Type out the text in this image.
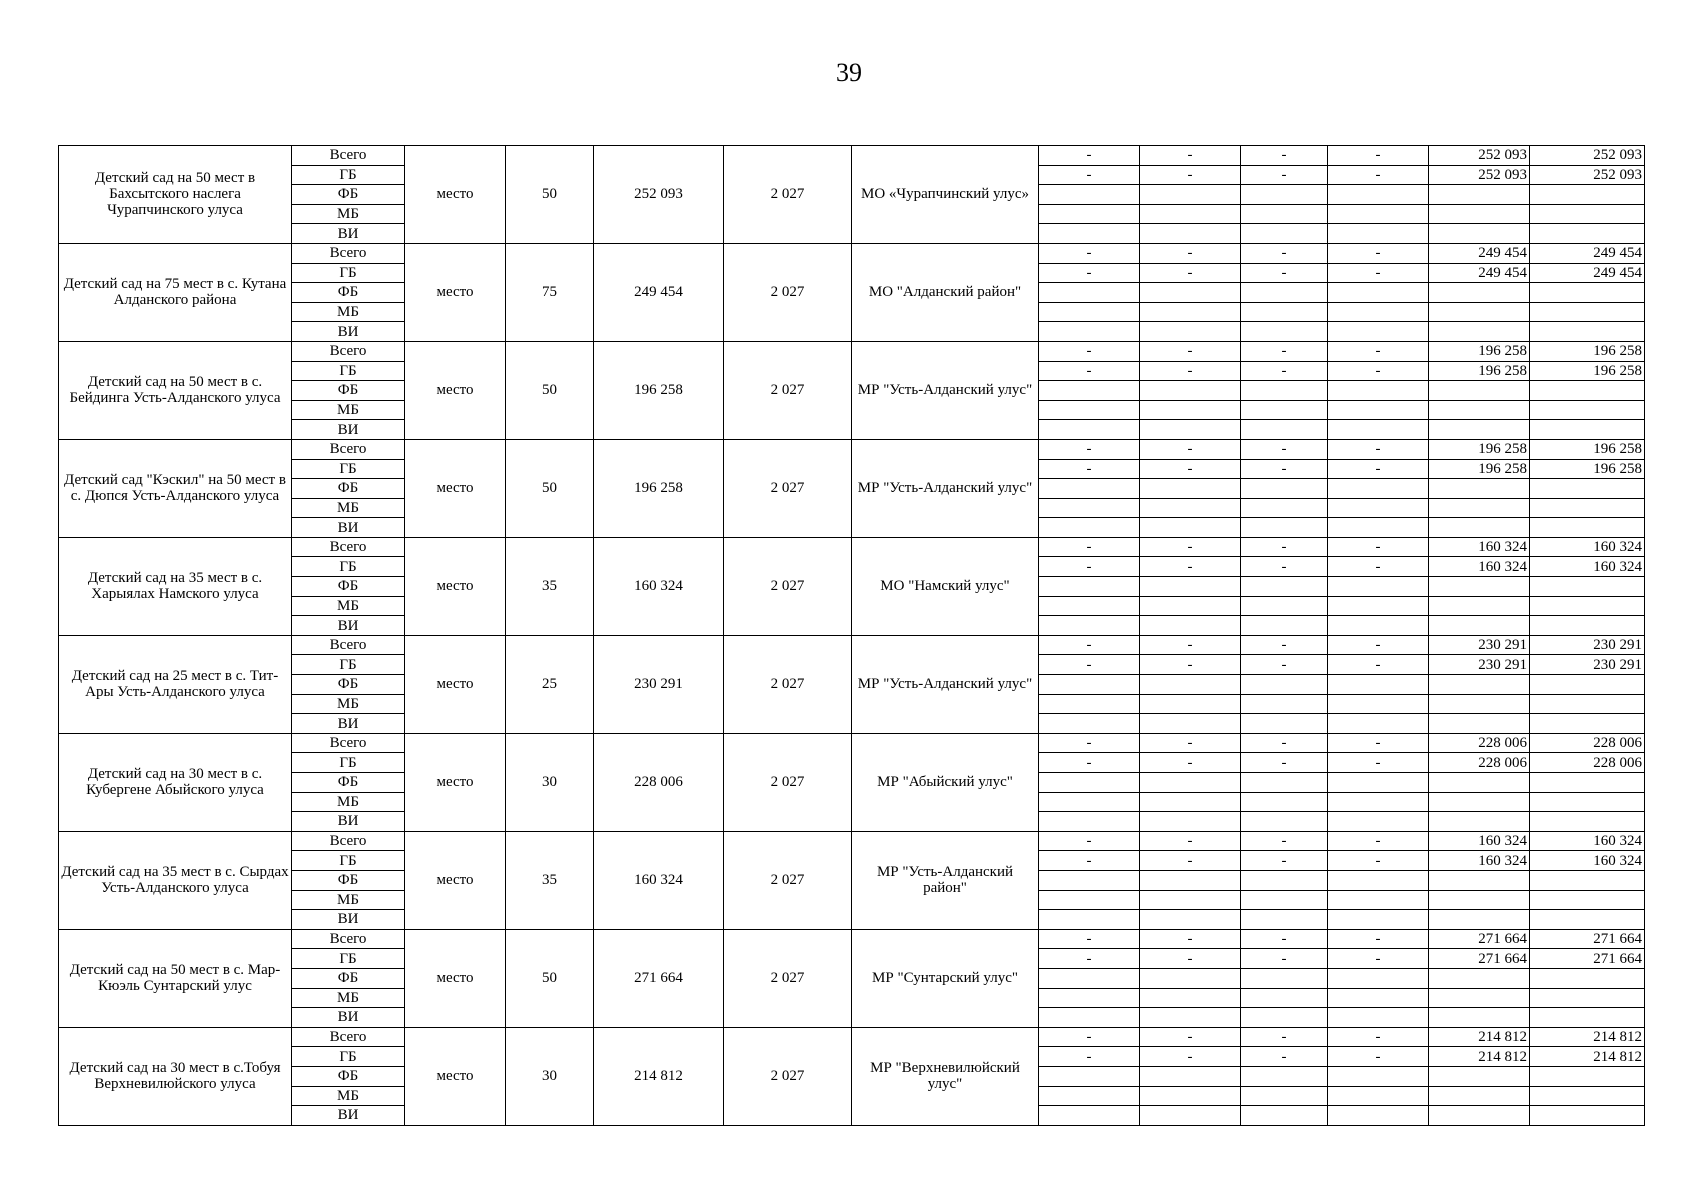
39
Детский сад на 50 мест в Бахсытского наслега Чурапчинского улуса	Всего	место	50	252 093	2 027	МО «Чурапчинский улус»	-	-	-	-	252 093	252 093
	ГБ						-	-	-	-	252 093	252 093
	ФБ											
	МБ											
	ВИ											
Детский сад на 75 мест в с. Кутана Алданского района	Всего	место	75	249 454	2 027	МО "Алданский район"	-	-	-	-	249 454	249 454
	ГБ						-	-	-	-	249 454	249 454
	ФБ											
	МБ											
	ВИ											
Детский сад на 50 мест в с. Бейдинга Усть-Алданского улуса	Всего	место	50	196 258	2 027	МР "Усть-Алданский улус"	-	-	-	-	196 258	196 258
	ГБ						-	-	-	-	196 258	196 258
	ФБ											
	МБ											
	ВИ											
Детский сад "Кэскил" на 50 мест в с. Дюпся Усть-Алданского улуса	Всего	место	50	196 258	2 027	МР "Усть-Алданский улус"	-	-	-	-	196 258	196 258
	ГБ						-	-	-	-	196 258	196 258
	ФБ											
	МБ											
	ВИ											
Детский сад на 35 мест в с. Харыялах Намского улуса	Всего	место	35	160 324	2 027	МО "Намский улус"	-	-	-	-	160 324	160 324
	ГБ						-	-	-	-	160 324	160 324
	ФБ											
	МБ											
	ВИ											
Детский сад на 25 мест в с. Тит-Ары Усть-Алданского улуса	Всего	место	25	230 291	2 027	МР "Усть-Алданский улус"	-	-	-	-	230 291	230 291
	ГБ						-	-	-	-	230 291	230 291
	ФБ											
	МБ											
	ВИ											
Детский сад на 30 мест в с. Кубергене Абыйского улуса	Всего	место	30	228 006	2 027	МР "Абыйский улус"	-	-	-	-	228 006	228 006
	ГБ						-	-	-	-	228 006	228 006
	ФБ											
	МБ											
	ВИ											
Детский сад на 35 мест в с. Сырдах Усть-Алданского улуса	Всего	место	35	160 324	2 027	МР "Усть-Алданский район"	-	-	-	-	160 324	160 324
	ГБ						-	-	-	-	160 324	160 324
	ФБ											
	МБ											
	ВИ											
Детский сад на 50 мест в с. Мар-Кюэль Сунтарский улус	Всего	место	50	271 664	2 027	МР "Сунтарский улус"	-	-	-	-	271 664	271 664
	ГБ						-	-	-	-	271 664	271 664
	ФБ											
	МБ											
	ВИ											
Детский сад на 30 мест в с.Тобуя Верхневилюйского улуса	Всего	место	30	214 812	2 027	МР "Верхневилюйский улус"	-	-	-	-	214 812	214 812
	ГБ						-	-	-	-	214 812	214 812
	ФБ											
	МБ											
	ВИ											
